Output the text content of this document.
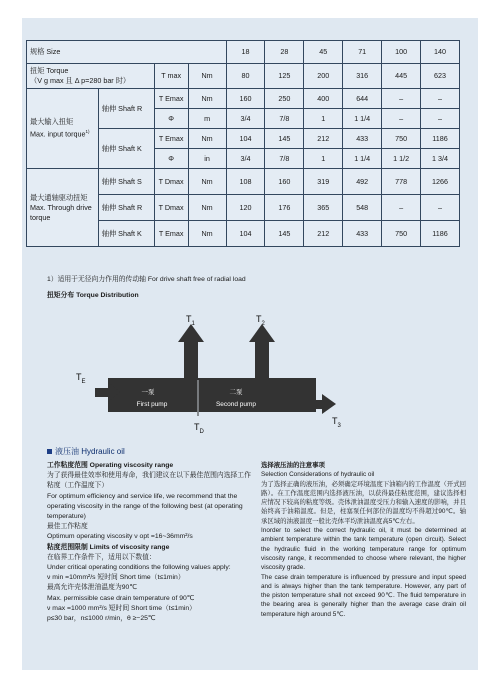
规格 Size				18	28	45	71	100	140

扭矩 Torque
（V g max 且 Δ p=280 bar 时）		T max	Nm	80	125	200	316	445	623

最大输入扭矩
Max. input torque$^{1)}$	轴伸 Shaft R	T Emax	Nm	160	250	400	644	–	–
		Φ	m	3/4	7/8	1	1 1/4	–	–
	轴伸 Shaft K	T Emax	Nm	104	145	212	433	750	1186
		Φ	in	3/4	7/8	1	1 1/4	1 1/2	1 3/4

最大通轴驱动扭矩
Max. Through drive torque	轴伸 Shaft S	T Dmax	Nm	108	160	319	492	778	1266
	轴伸 Shaft R	T Dmax	Nm	120	176	365	548	–	–
	轴伸 Shaft K	T Emax	Nm	104	145	212	433	750	1186
1）适用于无径向力作用的传动轴 For drive shaft free of radial load
扭矩分布 Torque Distribution
$T_1$	$T_2$
$T_E$
$T_3$
$T_D$
一泵
First pump
二泵
Second pump
液压油 Hydraulic oil
工作粘度范围 Operating viscosity range
为了获得最佳效率和使用寿命，我们建议在以下最佳范围内选择工作粘度（工作温度下）
For optimum efficiency and service life, we recommend that the operating viscosity in the range of the following best (at operating temperature)
最佳工作粘度
Optimum operating viscosity ν opt =16~36mm²/s
粘度范围限制 Limits of viscosity range
在临界工作条件下，适用以下数值：
Under critical operating conditions the following values apply:
ν min =10mm²/s 短时间 Short time（t≤1min）
最高允许壳体泄油温度为90℃
Max. permissible case drain temperature of 90℃
ν max =1000 mm²/s 短时间 Short time（t≤1min）
p≤30 bar，n≤1000 r/min，θ ≥−25℃
选择液压油的注意事项
Selection Considerations of hydraulic oil
为了选择正确的液压油，必须确定环境温度下油箱内的工作温度（开式回路）。在工作温度范围内选择液压油，以获得最佳粘度范围，建议选择相应情况下较高的粘度等级。壳体泄油温度受压力和输入速度的影响，并且始终高于油箱温度。但是，柱塞泵任何部位的温度均不得超过90℃。轴承区域的油液温度一般比壳体平均泄油温度高5℃左右。
Inorder to select the correct hydraulic oil, it must be determined at ambient temperature within the tank temperature (open circuit). Select the hydraulic fluid in the working temperature range for optimum viscosity range, it recommended to choose where relevant, the higher viscosity grade.
The case drain temperature is influenced by pressure and input speed and is always higher than the tank temperature. However, any part of the piston temperature shall not exceed 90℃. The fluid temperature in the bearing area is generally higher than the average case drain oil temperature high around 5℃.
